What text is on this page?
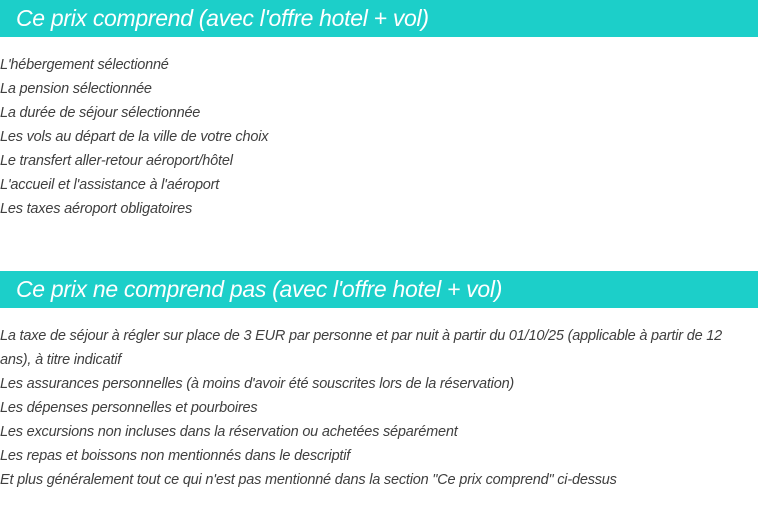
Ce prix comprend (avec l'offre hotel + vol)
L'hébergement sélectionné
La pension sélectionnée
La durée de séjour sélectionnée
Les vols au départ de la ville de votre choix
Le transfert aller-retour aéroport/hôtel
L'accueil et l'assistance à l'aéroport
Les taxes aéroport obligatoires
Ce prix ne comprend pas (avec l'offre hotel + vol)
La taxe de séjour à régler sur place de 3 EUR par personne et par nuit à partir du 01/10/25 (applicable à partir de 12 ans), à titre indicatif
Les assurances personnelles (à moins d'avoir été souscrites lors de la réservation)
Les dépenses personnelles et pourboires
Les excursions non incluses dans la réservation ou achetées séparément
Les repas et boissons non mentionnés dans le descriptif
Et plus généralement tout ce qui n'est pas mentionné dans la section "Ce prix comprend" ci-dessus
